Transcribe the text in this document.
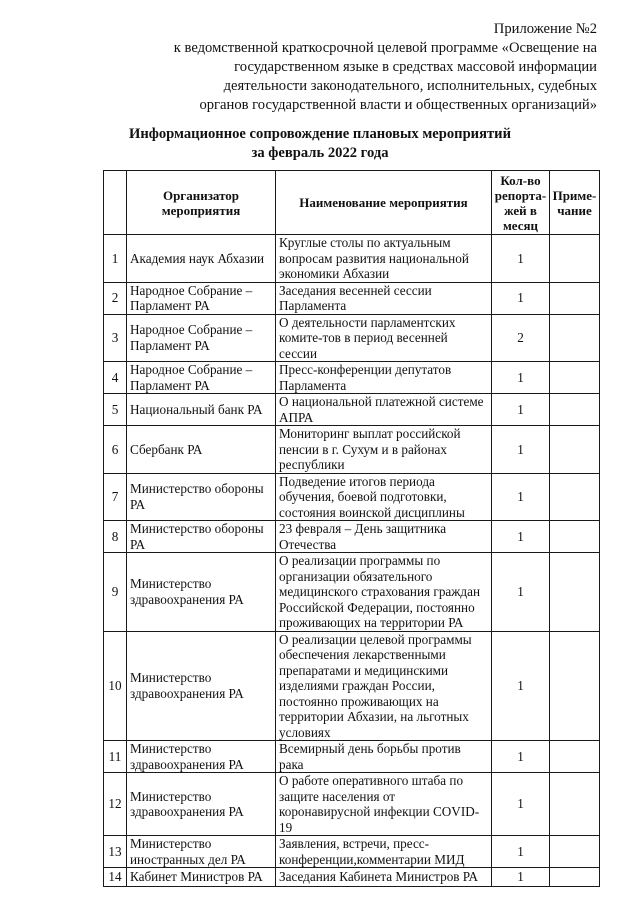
Приложение №2
к ведомственной краткосрочной целевой программе «Освещение на
государственном языке в средствах массовой информации
деятельности законодательного, исполнительных, судебных
органов государственной власти и общественных организаций»
Информационное сопровождение плановых мероприятий
за февраль 2022 года
	Организатор мероприятия	Наименование мероприятия	Кол-во репорта-жей в месяц	Приме-чание
1	Академия наук Абхазии	Круглые столы по актуальным вопросам развития национальной экономики Абхазии	1	
2	Народное Собрание – Парламент РА	Заседания весенней сессии Парламента	1	
3	Народное Собрание – Парламент РА	О деятельности парламентских комите-тов в период весенней сессии	2	
4	Народное Собрание – Парламент РА	Пресс-конференции депутатов Парламента	1	
5	Национальный банк РА	О национальной платежной системе АПРА	1	
6	Сбербанк РА	Мониторинг выплат российской пенсии в г. Сухум и в районах республики	1	
7	Министерство обороны РА	Подведение итогов периода обучения, боевой подготовки, состояния воинской дисциплины	1	
8	Министерство обороны РА	23 февраля – День защитника Отечества	1	
9	Министерство здравоохранения РА	О реализации программы по организации обязательного медицинского страхования граждан Российской Федерации, постоянно проживающих на территории РА	1	
10	Министерство здравоохранения РА	О реализации целевой программы обеспечения лекарственными препаратами и медицинскими изделиями граждан России, постоянно проживающих на территории Абхазии, на льготных условиях	1	
11	Министерство здравоохранения РА	Всемирный день борьбы против рака	1	
12	Министерство здравоохранения РА	О работе оперативного штаба по защите населения от коронавирусной инфекции COVID-19	1	
13	Министерство иностранных дел РА	Заявления, встречи, пресс-конференции,комментарии МИД	1	
14	Кабинет Министров РА	Заседания Кабинета Министров РА	1	
